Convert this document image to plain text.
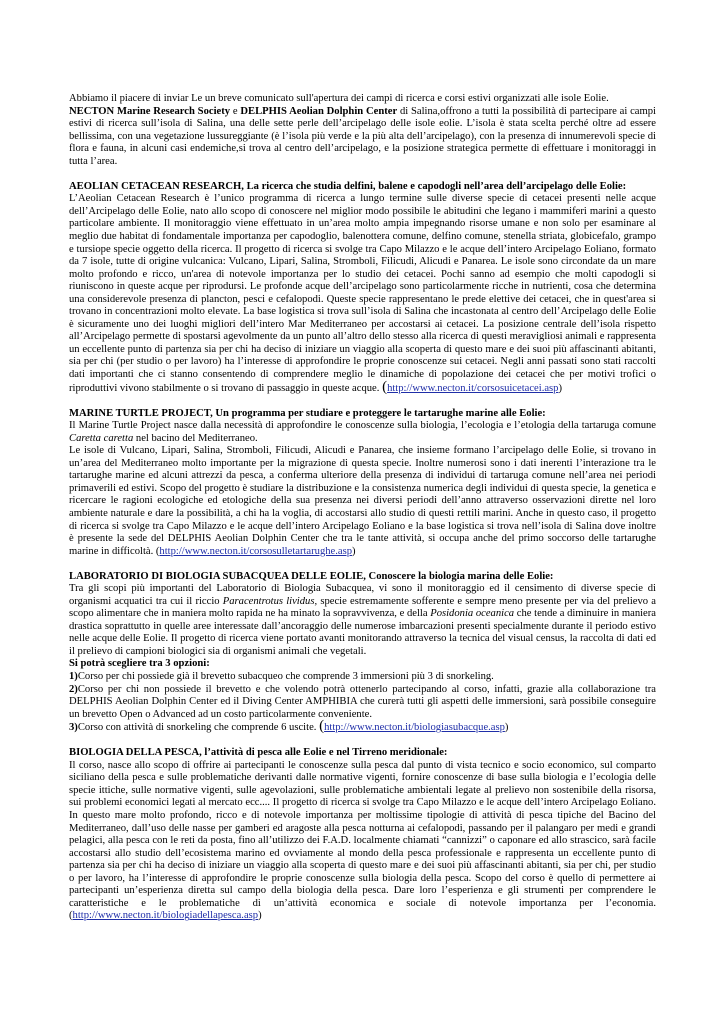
Abbiamo il piacere di inviar Le un breve comunicato sull'apertura dei campi di ricerca e corsi estivi organizzati alle isole Eolie.
NECTON Marine Research Society e DELPHIS Aeolian Dolphin Center di Salina,offrono a tutti la possibilità di partecipare ai campi estivi di ricerca sull’isola di Salina, una delle sette perle dell’arcipelago delle isole eolie. L’isola è stata scelta perché oltre ad essere bellissima, con una vegetazione lussureggiante (è l’isola più verde e la più alta dell’arcipelago), con la presenza di innumerevoli specie di flora e fauna, in alcuni casi endemiche,si trova al centro dell’arcipelago, e la posizione strategica permette di effettuare i monitoraggi in tutta l’area.

AEOLIAN CETACEAN RESEARCH, La ricerca che studia delfini, balene e capodogli nell’area dell’arcipelago delle Eolie:
L’Aeolian Cetacean Research è l’unico programma di ricerca a lungo termine sulle diverse specie di cetacei presenti nelle acque dell’Arcipelago delle Eolie, nato allo scopo di conoscere nel miglior modo possibile le abitudini che legano i mammiferi marini a questo particolare ambiente. Il monitoraggio viene effettuato in un’area molto ampia impegnando risorse umane e non solo per esaminare al meglio due habitat di fondamentale importanza per capodoglio, balenottera comune, delfino comune, stenella striata, globicefalo, grampo e tursiope specie oggetto della ricerca. Il progetto di ricerca si svolge tra Capo Milazzo e le acque dell’intero Arcipelago Eoliano, formato da 7 isole, tutte di origine vulcanica: Vulcano, Lipari, Salina, Stromboli, Filicudi, Alicudi e Panarea. Le isole sono circondate da un mare molto profondo e ricco, un'area di notevole importanza per lo studio dei cetacei. Pochi sanno ad esempio che molti capodogli si riuniscono in queste acque per riprodursi. Le profonde acque dell’arcipelago sono particolarmente ricche in nutrienti, cosa che determina una considerevole presenza di plancton, pesci e cefalopodi. Queste specie rappresentano le prede elettive dei cetacei, che in quest'area si trovano in concentrazioni molto elevate. La base logistica si trova sull’isola di Salina che incastonata al centro dell’Arcipelago delle Eolie è sicuramente uno dei luoghi migliori dell’intero Mar Mediterraneo per accostarsi ai cetacei. La posizione centrale dell’isola rispetto all’Arcipelago permette di spostarsi agevolmente da un punto all’altro dello stesso alla ricerca di questi meravigliosi animali e rappresenta un eccellente punto di partenza sia per chi ha deciso di iniziare un viaggio alla scoperta di questo mare e dei suoi più affascinanti abitanti, sia per chi (per studio o per lavoro) ha l’interesse di approfondire le proprie conoscenze sui cetacei. Negli anni passati sono stati raccolti dati importanti che ci stanno consentendo di comprendere meglio le dinamiche di popolazione dei cetacei che per motivi trofici o riproduttivi vivono stabilmente o si trovano di passaggio in queste acque. (http://www.necton.it/corsosuicetacei.asp)

MARINE TURTLE PROJECT, Un programma per studiare e proteggere le tartarughe marine alle Eolie:
Il Marine Turtle Project nasce dalla necessità di approfondire le conoscenze sulla biologia, l’ecologia e l’etologia della tartaruga comune Caretta caretta nel bacino del Mediterraneo.
Le isole di Vulcano, Lipari, Salina, Stromboli, Filicudi, Alicudi e Panarea, che insieme formano l’arcipelago delle Eolie, si trovano in un’area del Mediterraneo molto importante per la migrazione di questa specie. Inoltre numerosi sono i dati inerenti l’interazione tra le tartarughe marine ed alcuni attrezzi da pesca, a conferma ulteriore della presenza di individui di tartaruga comune nell’area nei periodi primaverili ed estivi. Scopo del progetto è studiare la distribuzione e la consistenza numerica degli individui di questa specie, la genetica e ricercare le ragioni ecologiche ed etologiche della sua presenza nei diversi periodi dell’anno attraverso osservazioni dirette nel loro ambiente naturale e dare la possibilità, a chi ha la voglia, di accostarsi allo studio di questi rettili marini. Anche in questo caso, il progetto di ricerca si svolge tra Capo Milazzo e le acque dell’intero Arcipelago Eoliano e la base logistica si trova nell’isola di Salina dove inoltre è presente la sede del DELPHIS Aeolian Dolphin Center che tra le tante attività, si occupa anche del primo soccorso delle tartarughe marine in difficoltà. (http://www.necton.it/corsosulletartarughe.asp)

LABORATORIO DI BIOLOGIA SUBACQUEA DELLE EOLIE, Conoscere la biologia marina delle Eolie:
Tra gli scopi più importanti del Laboratorio di Biologia Subacquea, vi sono il monitoraggio ed il censimento di diverse specie di organismi acquatici tra cui il riccio Paracentrotus lividus, specie estremamente sofferente e sempre meno presente per via del prelievo a scopo alimentare che in maniera molto rapida ne ha minato la sopravvivenza, e della Posidonia oceanica che tende a diminuire in maniera drastica soprattutto in quelle aree interessate dall’ancoraggio delle numerose imbarcazioni presenti specialmente durante il periodo estivo nelle acque delle Eolie. Il progetto di ricerca viene portato avanti monitorando attraverso la tecnica del visual census, la raccolta di dati ed il prelievo di campioni biologici sia di organismi animali che vegetali.
Si potrà scegliere tra 3 opzioni:
1)Corso per chi possiede già il brevetto subacqueo che comprende 3 immersioni più 3 di snorkeling.
2)Corso per chi non possiede il brevetto e che volendo potrà ottenerlo partecipando al corso, infatti, grazie alla collaborazione tra DELPHIS Aeolian Dolphin Center ed il Diving Center AMPHIBIA che curerà tutti gli aspetti delle immersioni, sarà possibile conseguire un brevetto Open o Advanced ad un costo particolarmente conveniente.
3)Corso con attività di snorkeling che comprende 6 uscite. (http://www.necton.it/biologiasubacque.asp)

BIOLOGIA DELLA PESCA, l’attività di pesca alle Eolie e nel Tirreno meridionale:
Il corso, nasce allo scopo di offrire ai partecipanti le conoscenze sulla pesca dal punto di vista tecnico e socio economico, sul comparto siciliano della pesca e sulle problematiche derivanti dalle normative vigenti, fornire conoscenze di base sulla biologia e l’ecologia delle specie ittiche, sulle normative vigenti, sulle agevolazioni, sulle problematiche ambientali legate al prelievo non sostenibile della risorsa, sui problemi economici legati al mercato ecc.... Il progetto di ricerca si svolge tra Capo Milazzo e le acque dell’intero Arcipelago Eoliano. In questo mare molto profondo, ricco e di notevole importanza per moltissime tipologie di attività di pesca tipiche del Bacino del Mediterraneo, dall’uso delle nasse per gamberi ed aragoste alla pesca notturna ai cefalopodi, passando per il palangaro per medi e grandi pelagici, alla pesca con le reti da posta, fino all’utilizzo dei F.A.D. localmente chiamati “cannizzi” o caponare ed allo strascico, sarà facile accostarsi allo studio dell’ecosistema marino ed ovviamente al mondo della pesca professionale e rappresenta un eccellente punto di partenza sia per chi ha deciso di iniziare un viaggio alla scoperta di questo mare e dei suoi più affascinanti abitanti, sia per chi, per studio o per lavoro, ha l’interesse di approfondire le proprie conoscenze sulla biologia della pesca. Scopo del corso è quello di permettere ai partecipanti un’esperienza diretta sul campo della biologia della pesca. Dare loro l’esperienza e gli strumenti per comprendere le caratteristiche e le problematiche di un’attività economica e sociale di notevole importanza per l’economia. (http://www.necton.it/biologiadellapesca.asp)
